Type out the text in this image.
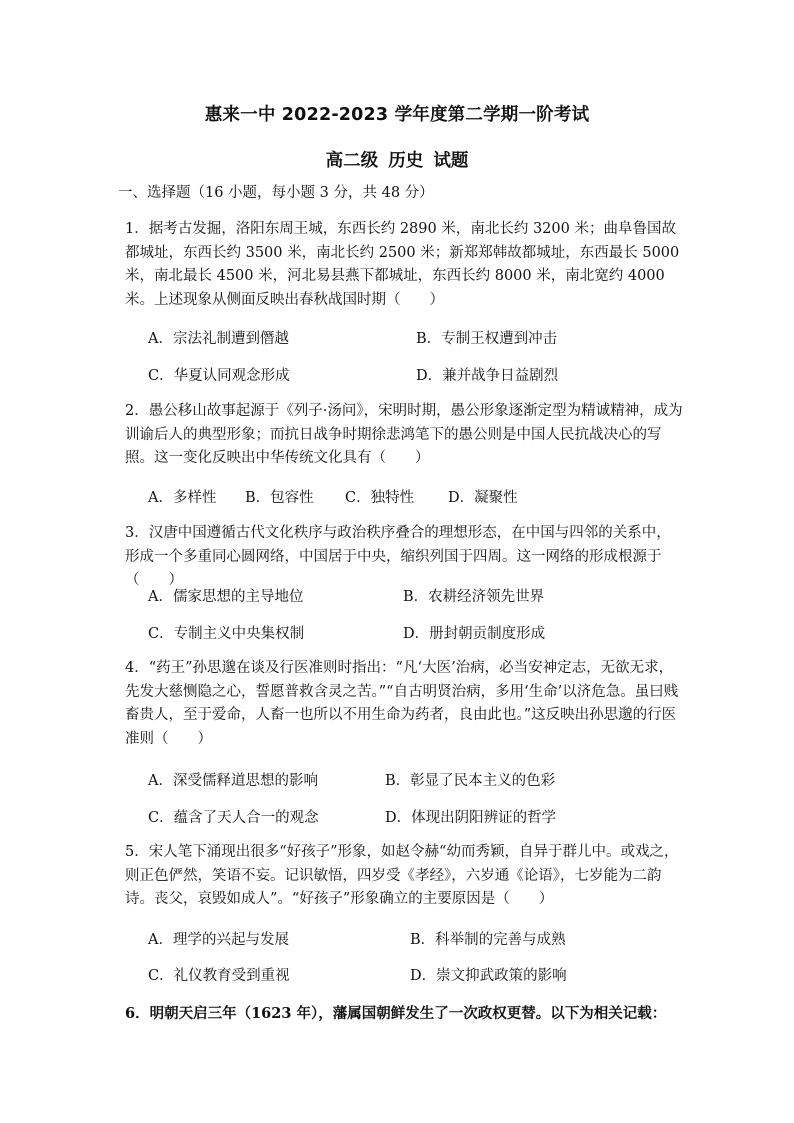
惠来一中 2022-2023 学年度第二学期一阶考试
高二级 历史 试题
一、选择题（16 小题，每小题 3 分，共 48 分）
1．据考古发掘，洛阳东周王城，东西长约 2890 米，南北长约 3200 米；曲阜鲁国故都城址，东西长约 3500 米，南北长约 2500 米；新郑郑韩故都城址，东西最长 5000 米，南北最长 4500 米，河北易县燕下都城址，东西长约 8000 米，南北宽约 4000 米。上述现象从侧面反映出春秋战国时期（　　）
A．宗法礼制遭到僭越	B．专制王权遭到冲击
C．华夏认同观念形成	D．兼并战争日益剧烈
2．愚公移山故事起源于《列子·汤问》，宋明时期，愚公形象逐渐定型为精诚精神，成为训谕后人的典型形象；而抗日战争时期徐悲鸿笔下的愚公则是中国人民抗战决心的写照。这一变化反映出中华传统文化具有（　　）
A．多样性 B．包容性 C．独特性 D．凝聚性
3．汉唐中国遵循古代文化秩序与政治秩序叠合的理想形态，在中国与四邻的关系中，形成一个多重同心圆网络，中国居于中央，缩织列国于四周。这一网络的形成根源于（　　）
A．儒家思想的主导地位	B．农耕经济领先世界
C．专制主义中央集权制	D．册封朝贡制度形成
4．“药王”孙思邈在谈及行医准则时指出：“凡‘大医’治病，必当安神定志，无欲无求，先发大慈恻隐之心，誓愿普救含灵之苦。”“自古明贤治病，多用‘生命’以济危急。虽曰贱畜贵人，至于爱命，人畜一也所以不用生命为药者，良由此也。”这反映出孙思邈的行医准则（　　）
A．深受儒释道思想的影响	B．彰显了民本主义的色彩
C．蕴含了天人合一的观念	D．体现出阴阳辨证的哲学
5．宋人笔下涌现出很多“好孩子”形象，如赵令赫“幼而秀颖，自异于群儿中。或戏之，则正色俨然，笑语不妄。记识敏悟，四岁受《孝经》，六岁通《论语》，七岁能为二韵诗。丧父，哀毁如成人”。“好孩子”形象确立的主要原因是（　　）
A．理学的兴起与发展	B．科举制的完善与成熟
C．礼仪教育受到重视	D．崇文抑武政策的影响
6．明朝天启三年（1623 年），藩属国朝鲜发生了一次政权更替。以下为相关记载：
